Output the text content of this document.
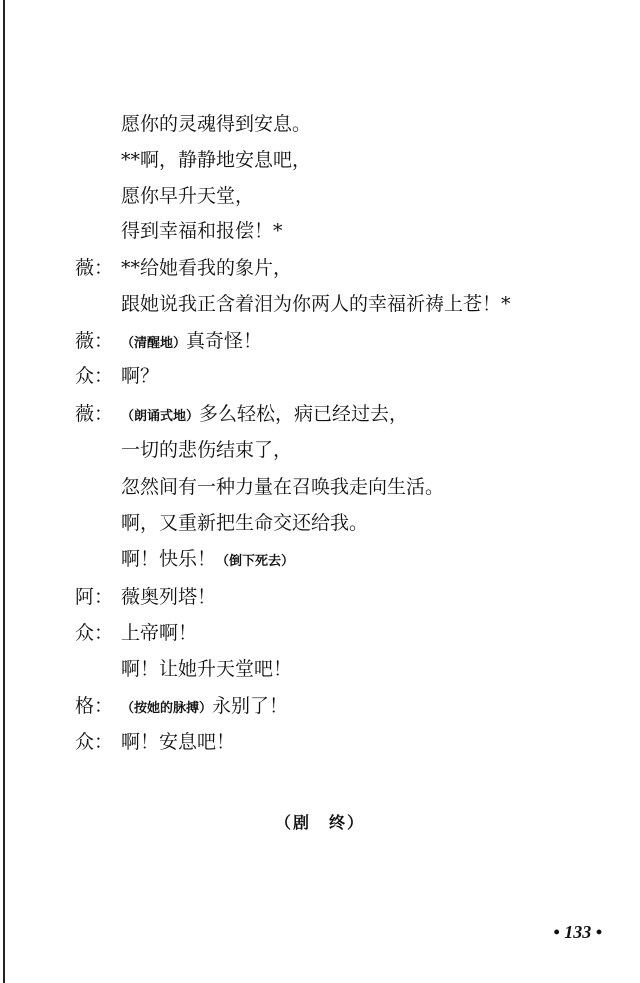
愿你的灵魂得到安息。
**啊，静静地安息吧，
愿你早升天堂，
得到幸福和报偿！*
薇： **给她看我的象片，
跟她说我正含着泪为你两人的幸福祈祷上苍！*
薇： （清醒地）真奇怪！
众： 啊？
薇： （朗诵式地）多么轻松，病已经过去，
一切的悲伤结束了，
忽然间有一种力量在召唤我走向生活。
啊，又重新把生命交还给我。
啊！快乐！（倒下死去）
阿： 薇奥列塔！
众： 上帝啊！
啊！让她升天堂吧！
格： （按她的脉搏）永别了！
众： 啊！安息吧！
（剧　终）
• 133 •
